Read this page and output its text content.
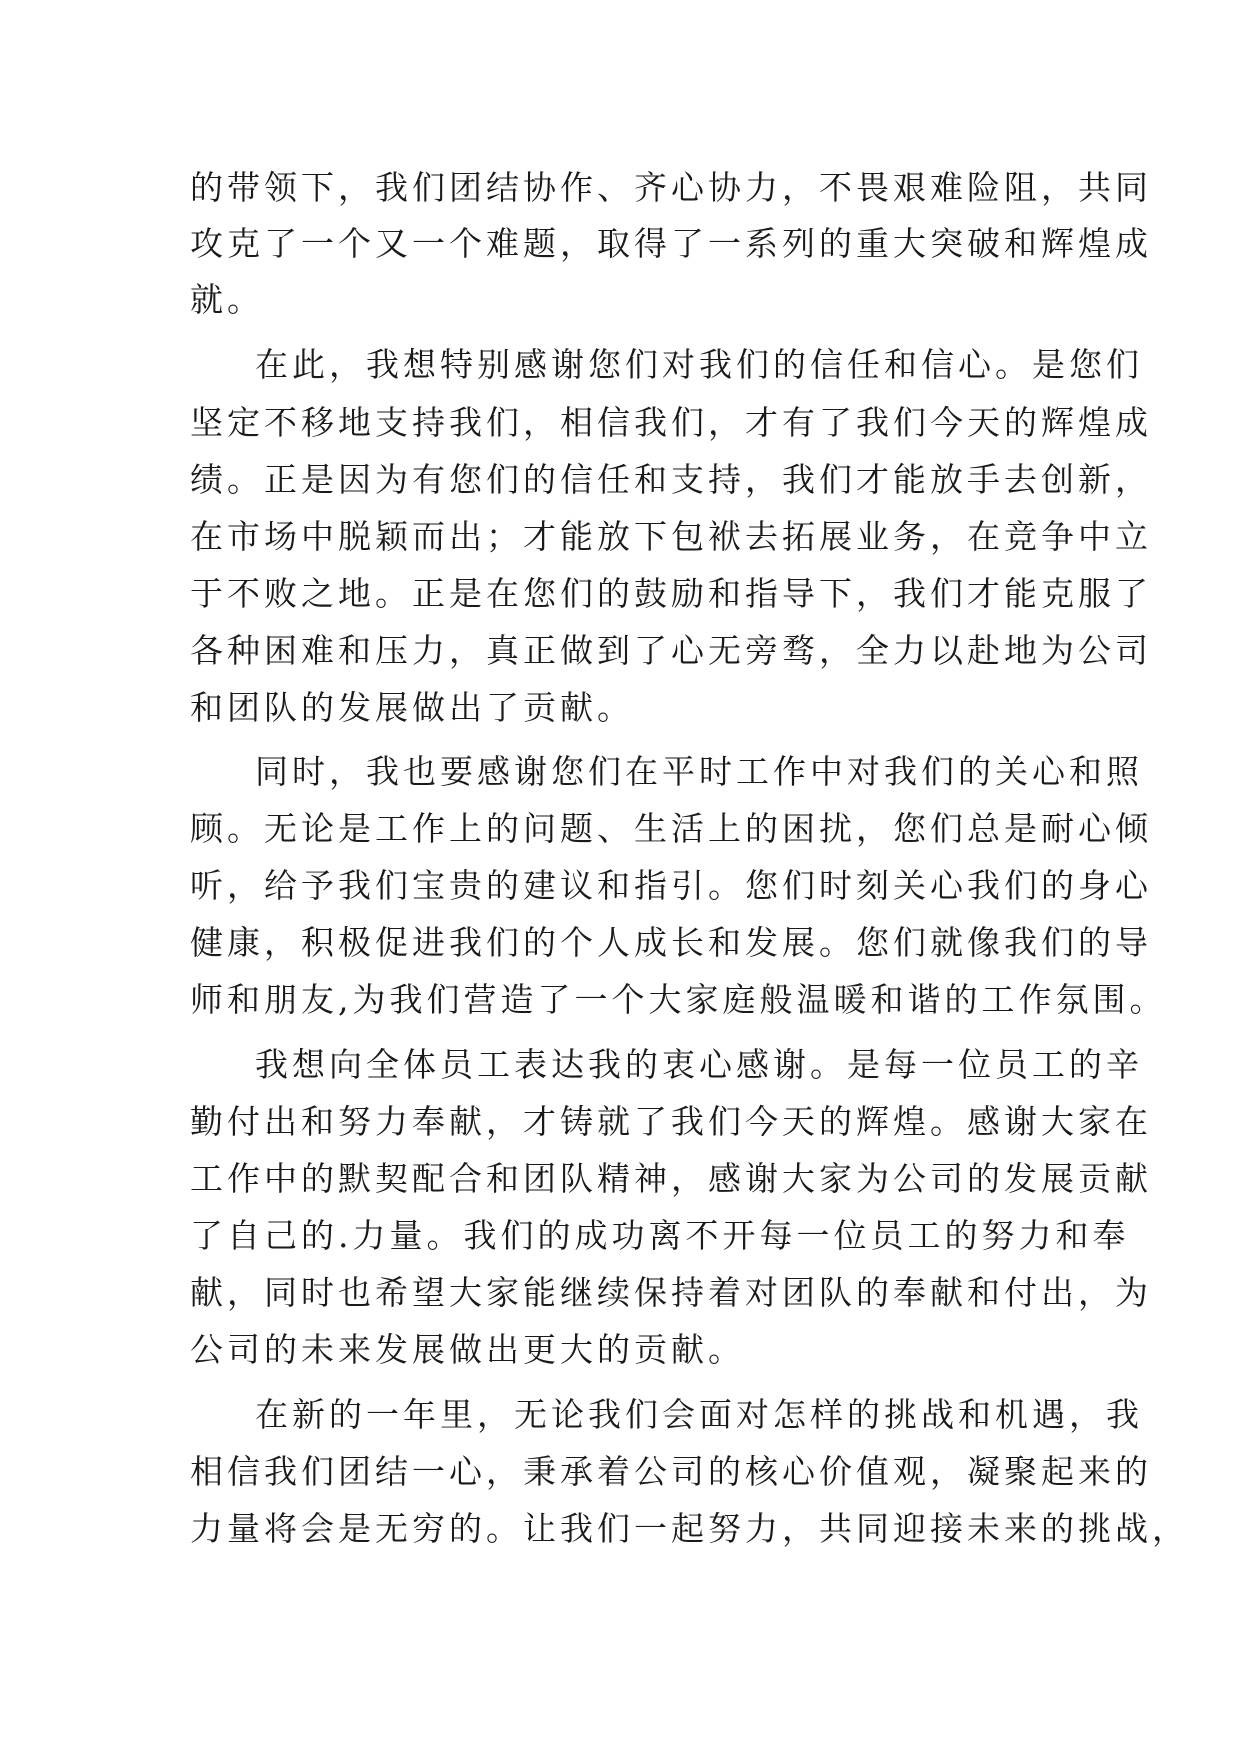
的带领下，我们团结协作、齐心协力，不畏艰难险阻，共同
攻克了一个又一个难题，取得了一系列的重大突破和辉煌成
就。
在此，我想特别感谢您们对我们的信任和信心。是您们
坚定不移地支持我们，相信我们，才有了我们今天的辉煌成
绩。正是因为有您们的信任和支持，我们才能放手去创新，
在市场中脱颖而出；才能放下包袱去拓展业务，在竞争中立
于不败之地。正是在您们的鼓励和指导下，我们才能克服了
各种困难和压力，真正做到了心无旁骛，全力以赴地为公司
和团队的发展做出了贡献。
同时，我也要感谢您们在平时工作中对我们的关心和照
顾。无论是工作上的问题、生活上的困扰，您们总是耐心倾
听，给予我们宝贵的建议和指引。您们时刻关心我们的身心
健康，积极促进我们的个人成长和发展。您们就像我们的导
师和朋友,为我们营造了一个大家庭般温暖和谐的工作氛围。
我想向全体员工表达我的衷心感谢。是每一位员工的辛
勤付出和努力奉献，才铸就了我们今天的辉煌。感谢大家在
工作中的默契配合和团队精神，感谢大家为公司的发展贡献
了自己的.力量。我们的成功离不开每一位员工的努力和奉
献，同时也希望大家能继续保持着对团队的奉献和付出，为
公司的未来发展做出更大的贡献。
在新的一年里，无论我们会面对怎样的挑战和机遇，我
相信我们团结一心，秉承着公司的核心价值观，凝聚起来的
力量将会是无穷的。让我们一起努力，共同迎接未来的挑战，
